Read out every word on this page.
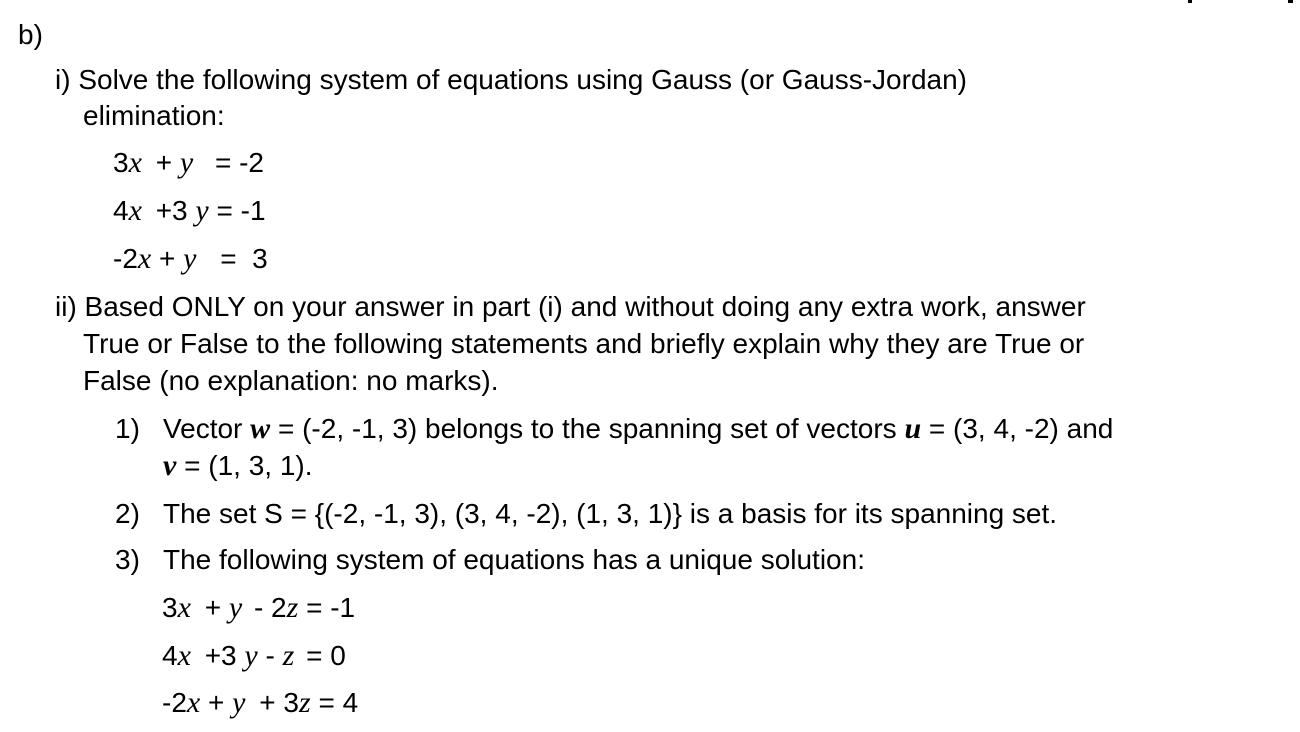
b)
i) Solve the following system of equations using Gauss (or Gauss-Jordan)
elimination:
3x + y = -2
4x +3 y = -1
-2x + y =  3
ii) Based ONLY on your answer in part (i) and without doing any extra work, answer
True or False to the following statements and briefly explain why they are True or
False (no explanation: no marks).
1) Vector w = (-2, -1, 3) belongs to the spanning set of vectors u = (3, 4, -2) and
v = (1, 3, 1).
2) The set S = {(-2, -1, 3), (3, 4, -2), (1, 3, 1)} is a basis for its spanning set.
3) The following system of equations has a unique solution:
3x + y - 2z = -1
4x +3 y - z = 0
-2x + y + 3z = 4
